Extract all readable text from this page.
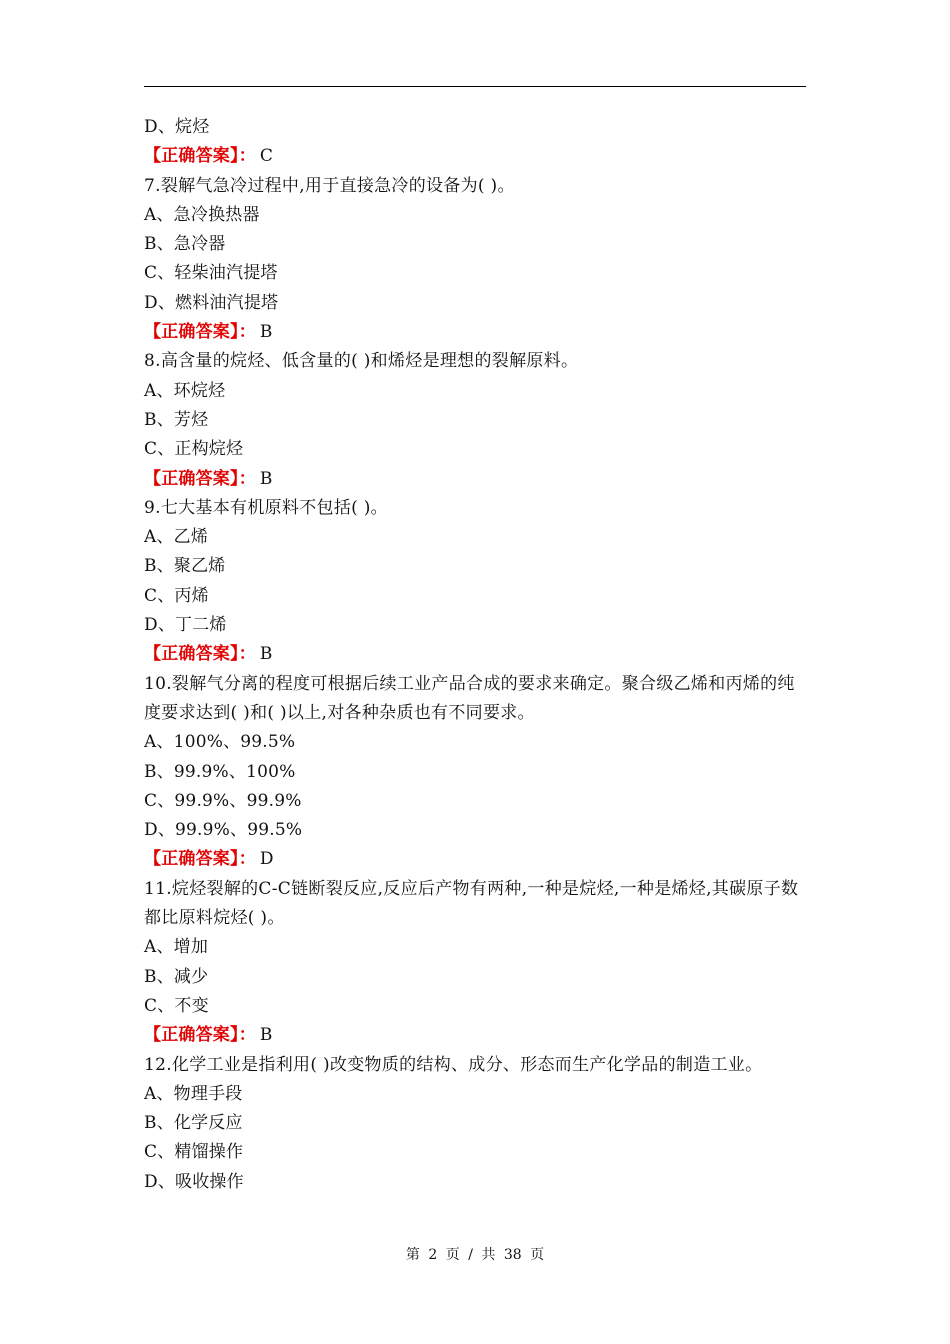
D、烷烃
【正确答案】： C
7.裂解气急冷过程中,用于直接急冷的设备为( )。
A、急冷换热器
B、急冷器
C、轻柴油汽提塔
D、燃料油汽提塔
【正确答案】： B
8.高含量的烷烃、低含量的( )和烯烃是理想的裂解原料。
A、环烷烃
B、芳烃
C、正构烷烃
【正确答案】： B
9.七大基本有机原料不包括( )。
A、乙烯
B、聚乙烯
C、丙烯
D、丁二烯
【正确答案】： B
10.裂解气分离的程度可根据后续工业产品合成的要求来确定。聚合级乙烯和丙烯的纯度要求达到( )和( )以上,对各种杂质也有不同要求。
A、100%、99.5%
B、99.9%、100%
C、99.9%、99.9%
D、99.9%、99.5%
【正确答案】： D
11.烷烃裂解的C-C链断裂反应,反应后产物有两种,一种是烷烃,一种是烯烃,其碳原子数都比原料烷烃( )。
A、增加
B、减少
C、不变
【正确答案】： B
12.化学工业是指利用( )改变物质的结构、成分、形态而生产化学品的制造工业。
A、物理手段
B、化学反应
C、精馏操作
D、吸收操作
第 2 页 / 共 38 页
